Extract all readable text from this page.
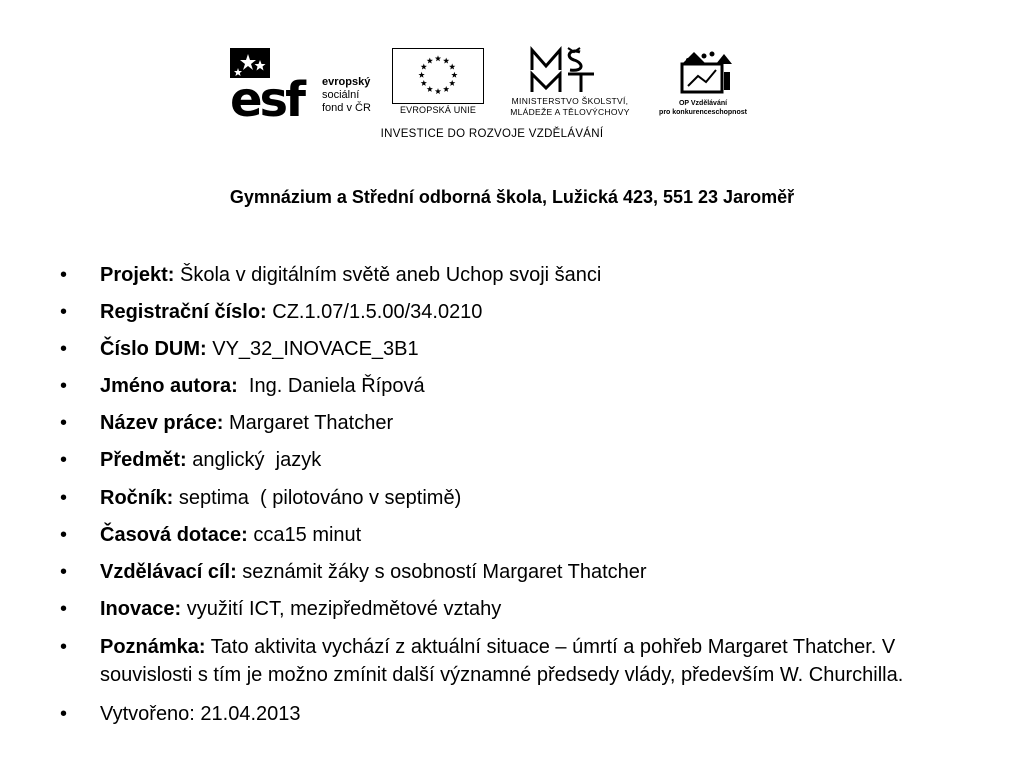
esf	evropský
sociální
fond v ČR	EVROPSKÁ UNIE
MINISTERSTVO ŠKOLSTVÍ,
MLÁDEŽE A TĚLOVÝCHOVY
OP Vzdělávání
pro konkurenceschopnost
INVESTICE DO ROZVOJE VZDĚLÁVÁNÍ
Gymnázium a Střední odborná škola, Lužická 423, 551 23 Jaroměř
• Projekt: Škola v digitálním světě aneb Uchop svoji šanci
• Registrační číslo: CZ.1.07/1.5.00/34.0210
• Číslo DUM: VY_32_INOVACE_3B1
• Jméno autora:  Ing. Daniela Řípová
• Název práce: Margaret Thatcher
• Předmět: anglický  jazyk
• Ročník: septima  ( pilotováno v septimě)
• Časová dotace: cca15 minut
• Vzdělávací cíl: seznámit žáky s osobností Margaret Thatcher
• Inovace: využití ICT, mezipředmětové vztahy
• Poznámka: Tato aktivita vychází z aktuální situace – úmrtí a pohřeb Margaret Thatcher. V souvislosti s tím je možno zmínit další významné předsedy vlády, především W. Churchilla.
• Vytvořeno: 21.04.2013
